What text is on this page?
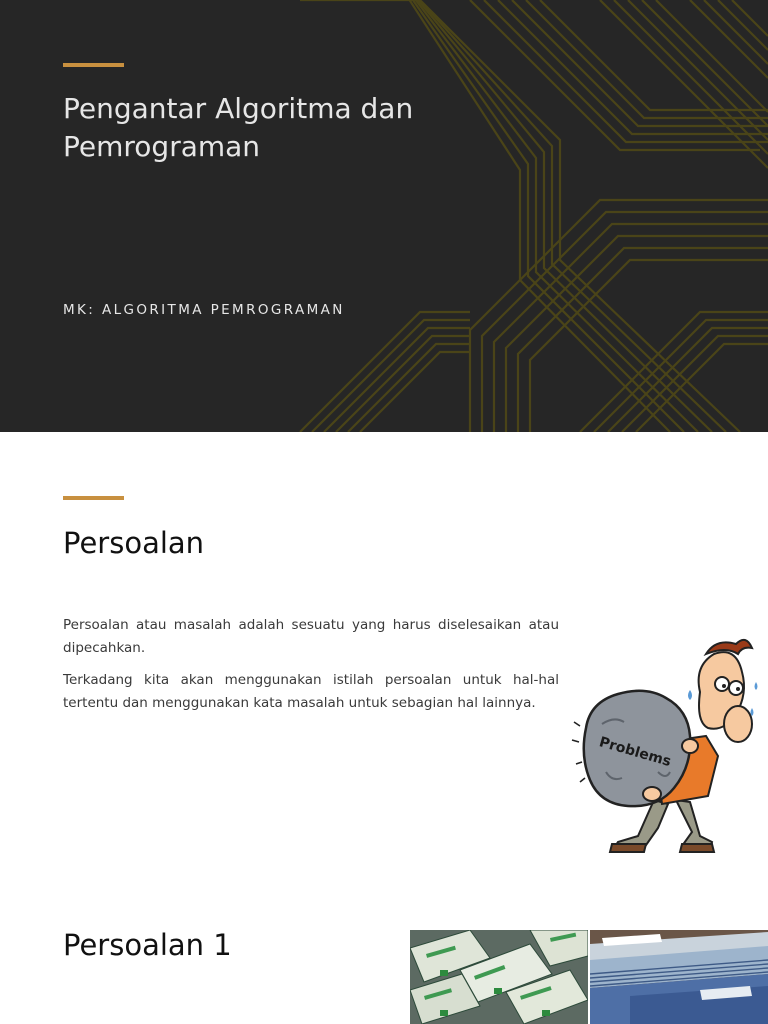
Pengantar Algoritma dan Pemrograman
MK: ALGORITMA PEMROGRAMAN
Persoalan

Persoalan atau masalah adalah sesuatu yang harus diselesaikan atau dipecahkan.

Terkadang kita akan menggunakan istilah persoalan untuk hal-hal tertentu dan menggunakan kata masalah untuk sebagian hal lainnya.

Problems
Persoalan 1
